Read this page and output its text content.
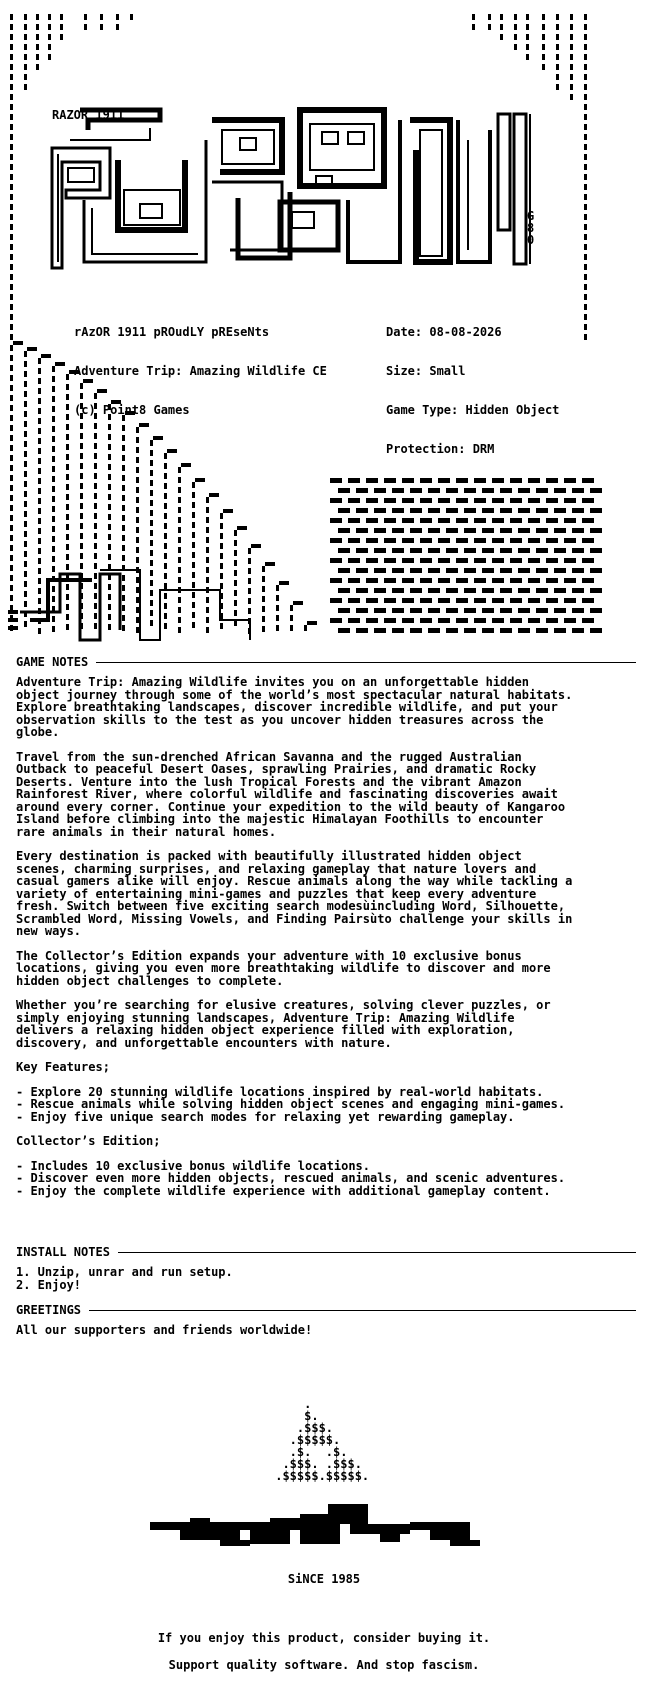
RAZOR 1911
G80

rAzOR 1911 pROudLY pREseNts

Adventure Trip: Amazing Wildlife CE

(c) Point8 Games

Date: 08-08-2026

Size: Small

Game Type: Hidden Object

Protection: DRM

GAME NOTES
Adventure Trip: Amazing Wildlife invites you on an unforgettable hidden
object journey through some of the world’s most spectacular natural habitats.
Explore breathtaking landscapes, discover incredible wildlife, and put your
observation skills to the test as you uncover hidden treasures across the
globe.
Travel from the sun-drenched African Savanna and the rugged Australian
Outback to peaceful Desert Oases, sprawling Prairies, and dramatic Rocky
Deserts. Venture into the lush Tropical Forests and the vibrant Amazon
Rainforest River, where colorful wildlife and fascinating discoveries await
around every corner. Continue your expedition to the wild beauty of Kangaroo
Island before climbing into the majestic Himalayan Foothills to encounter
rare animals in their natural homes.
Every destination is packed with beautifully illustrated hidden object
scenes, charming surprises, and relaxing gameplay that nature lovers and
casual gamers alike will enjoy. Rescue animals along the way while tackling a
variety of entertaining mini-games and puzzles that keep every adventure
fresh. Switch between five exciting search modesùincluding Word, Silhouette,
Scrambled Word, Missing Vowels, and Finding Pairsùto challenge your skills in
new ways.
The Collector’s Edition expands your adventure with 10 exclusive bonus
locations, giving you even more breathtaking wildlife to discover and more
hidden object challenges to complete.
Whether you’re searching for elusive creatures, solving clever puzzles, or
simply enjoying stunning landscapes, Adventure Trip: Amazing Wildlife
delivers a relaxing hidden object experience filled with exploration,
discovery, and unforgettable encounters with nature.
Key Features;
- Explore 20 stunning wildlife locations inspired by real-world habitats.
- Rescue animals while solving hidden object scenes and engaging mini-games.
- Enjoy five unique search modes for relaxing yet rewarding gameplay.
Collector’s Edition;
- Includes 10 exclusive bonus wildlife locations.
- Discover even more hidden objects, rescued animals, and scenic adventures.
- Enjoy the complete wildlife experience with additional gameplay content.
INSTALL NOTES
1. Unzip, unrar and run setup.
2. Enjoy!
GREETINGS
All our supporters and friends worldwide!
.
$.
.$$$.
.$$$$$.
.$.  .$.
.$$$. .$$$.
.$$$$$.$$$$$.
SiNCE 1985
If you enjoy this product, consider buying it.
Support quality software. And stop fascism.
